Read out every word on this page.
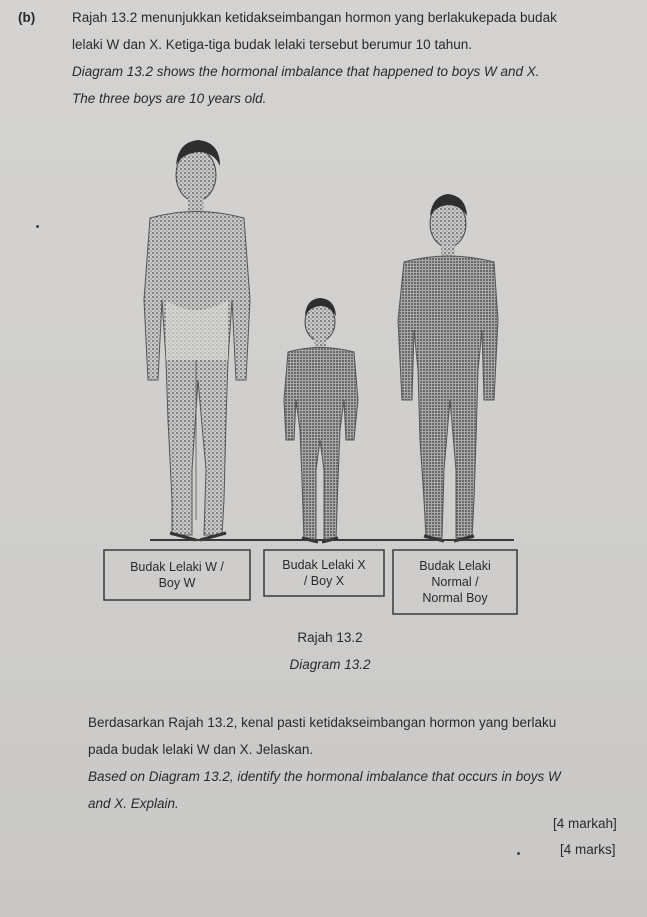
(b)	Rajah 13.2 menunjukkan ketidakseimbangan hormon yang berlakukepada budak
lelaki W dan X. Ketiga-tiga budak lelaki tersebut berumur 10 tahun.
Diagram 13.2 shows the hormonal imbalance that happened to boys W and X.
The three boys are 10 years old.
Budak Lelaki W /
Boy W
Budak Lelaki X
/ Boy X
Budak Lelaki
Normal /
Normal Boy
Rajah 13.2
Diagram 13.2
Berdasarkan Rajah 13.2, kenal pasti ketidakseimbangan hormon yang berlaku
pada budak lelaki W dan X. Jelaskan.
Based on Diagram 13.2, identify the hormonal imbalance that occurs in boys W
and X. Explain.
[4 markah]
[4 marks]
